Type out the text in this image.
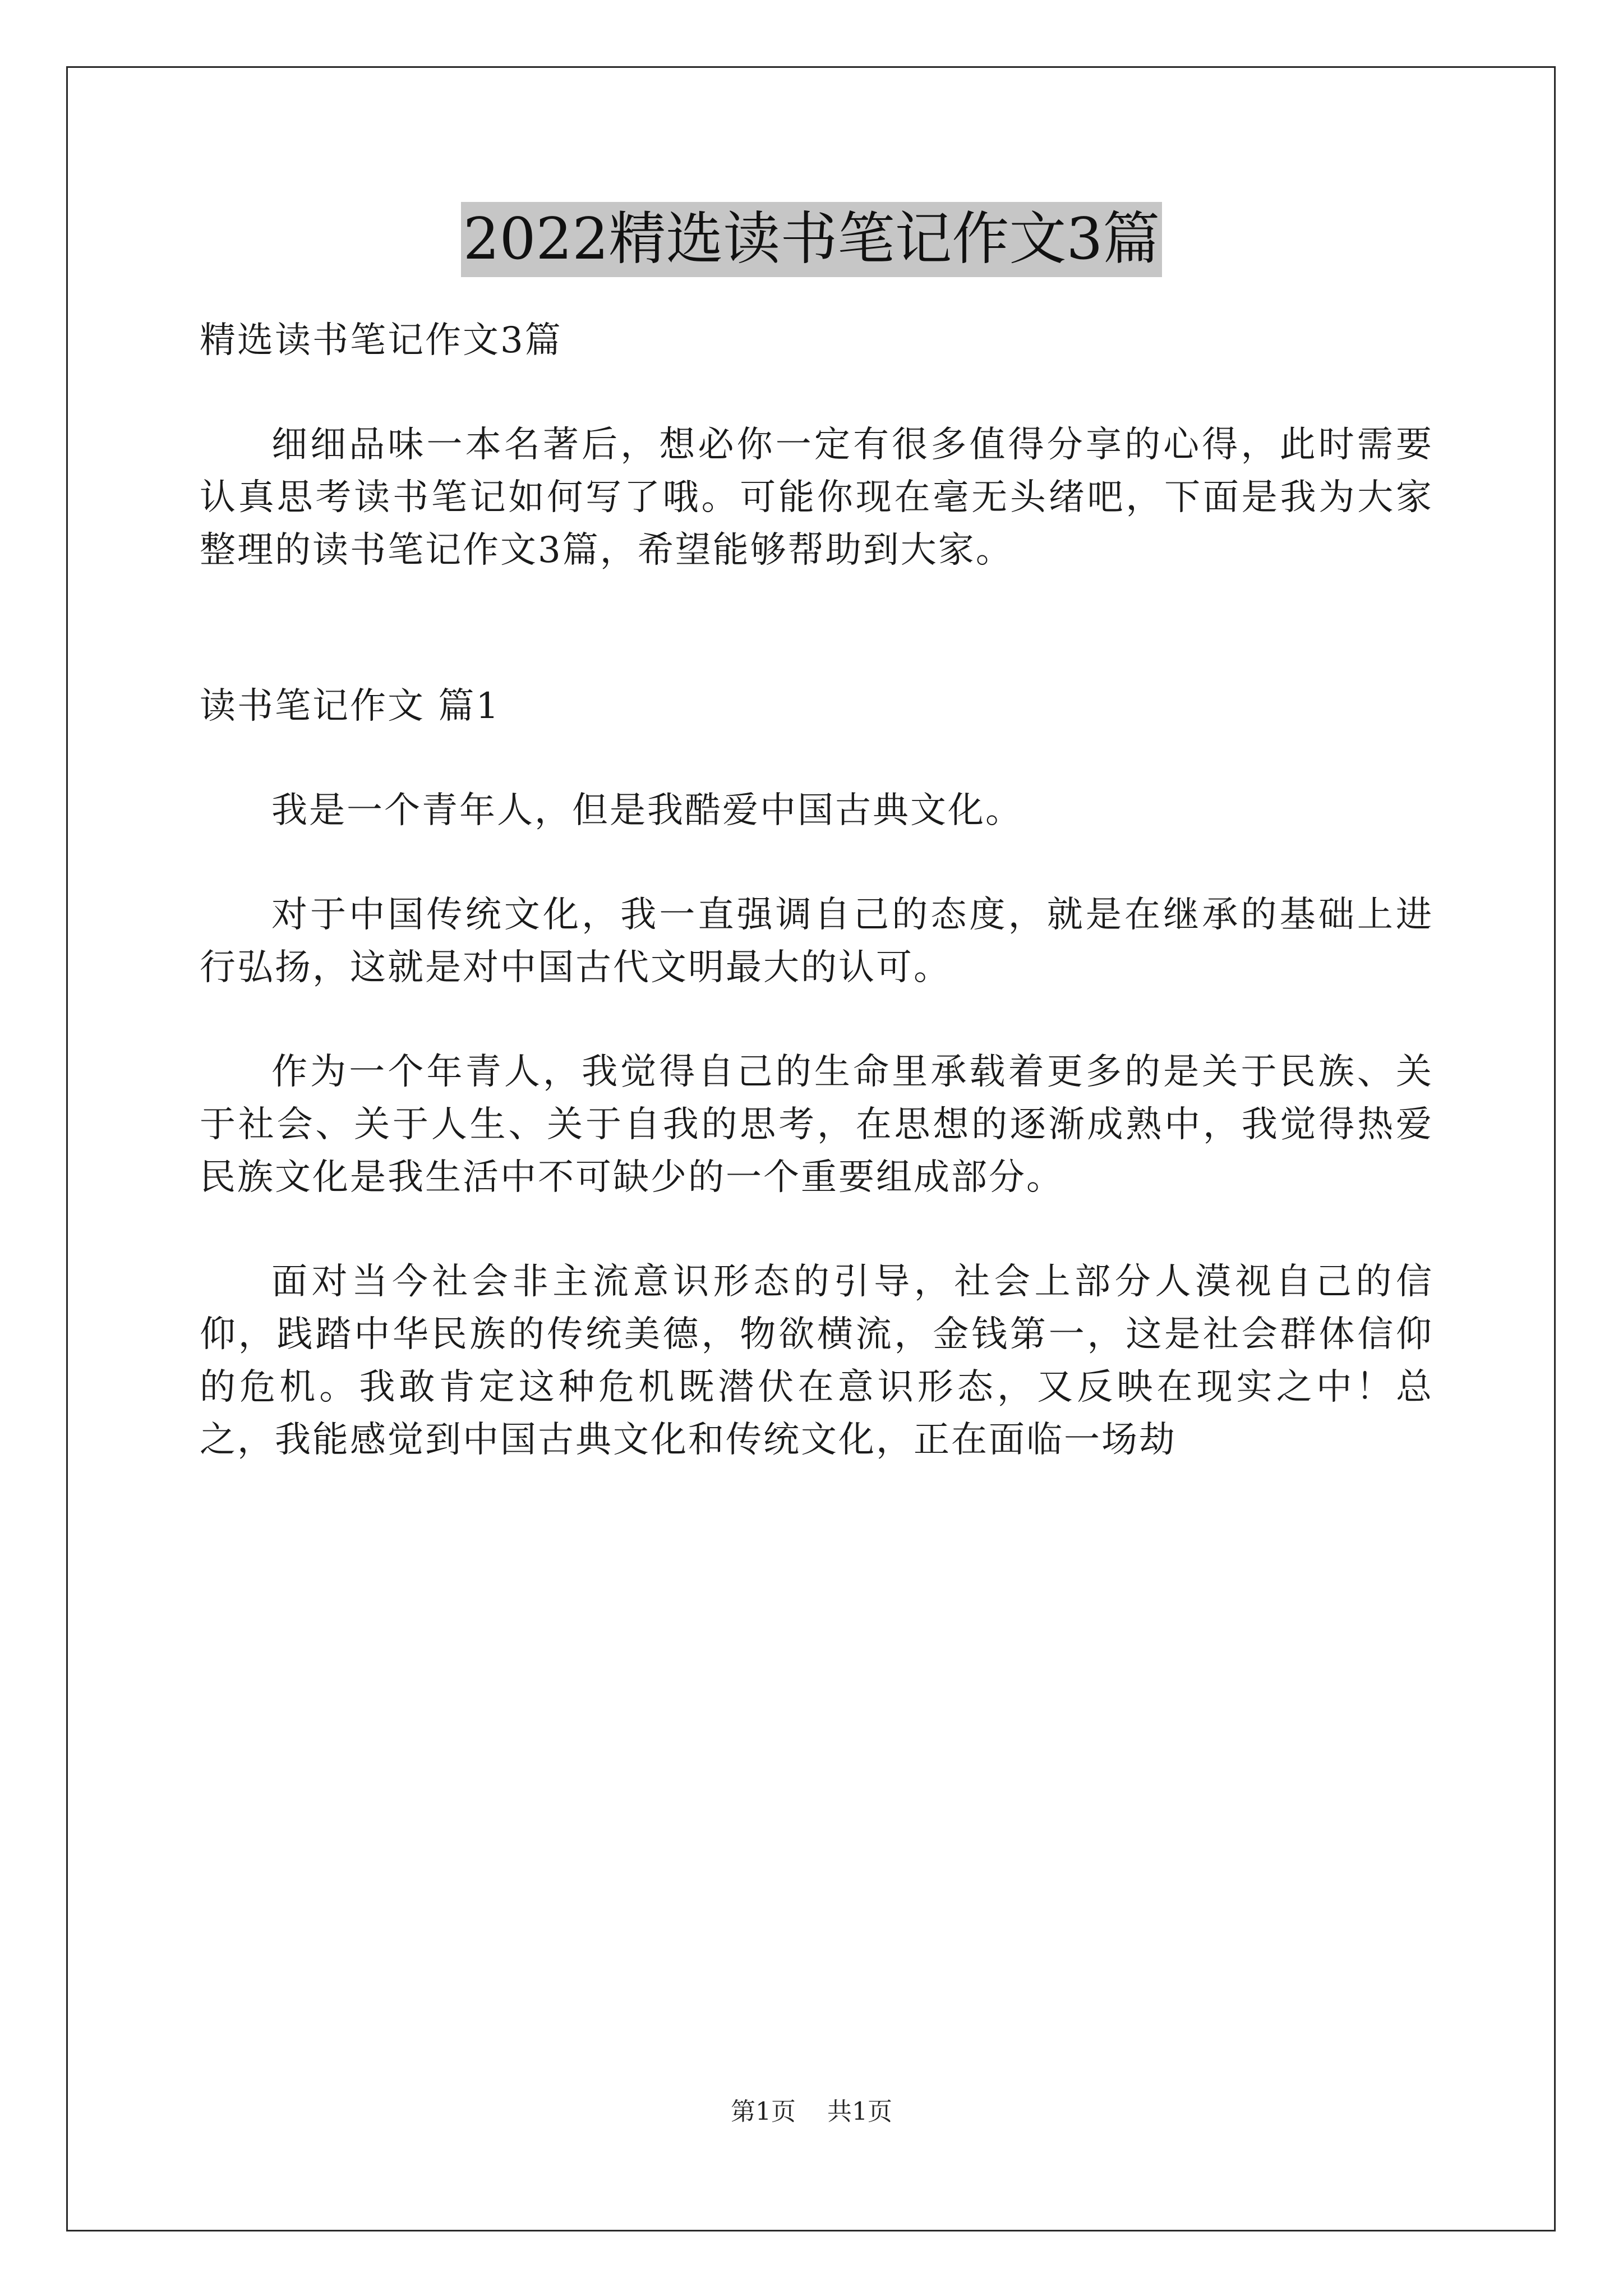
2022精选读书笔记作文3篇

精选读书笔记作文3篇

细细品味一本名著后，想必你一定有很多值得分享的心得，此时需要认真思考读书笔记如何写了哦。可能你现在毫无头绪吧，下面是我为大家整理的读书笔记作文3篇，希望能够帮助到大家。

读书笔记作文 篇1

我是一个青年人，但是我酷爱中国古典文化。

对于中国传统文化，我一直强调自己的态度，就是在继承的基础上进行弘扬，这就是对中国古代文明最大的认可。

作为一个年青人，我觉得自己的生命里承载着更多的是关于民族、关于社会、关于人生、关于自我的思考，在思想的逐渐成熟中，我觉得热爱民族文化是我生活中不可缺少的一个重要组成部分。

面对当今社会非主流意识形态的引导，社会上部分人漠视自己的信仰，践踏中华民族的传统美德，物欲横流，金钱第一，这是社会群体信仰的危机。我敢肯定这种危机既潜伏在意识形态，又反映在现实之中！总之，我能感觉到中国古典文化和传统文化，正在面临一场劫

第1页 共1页
